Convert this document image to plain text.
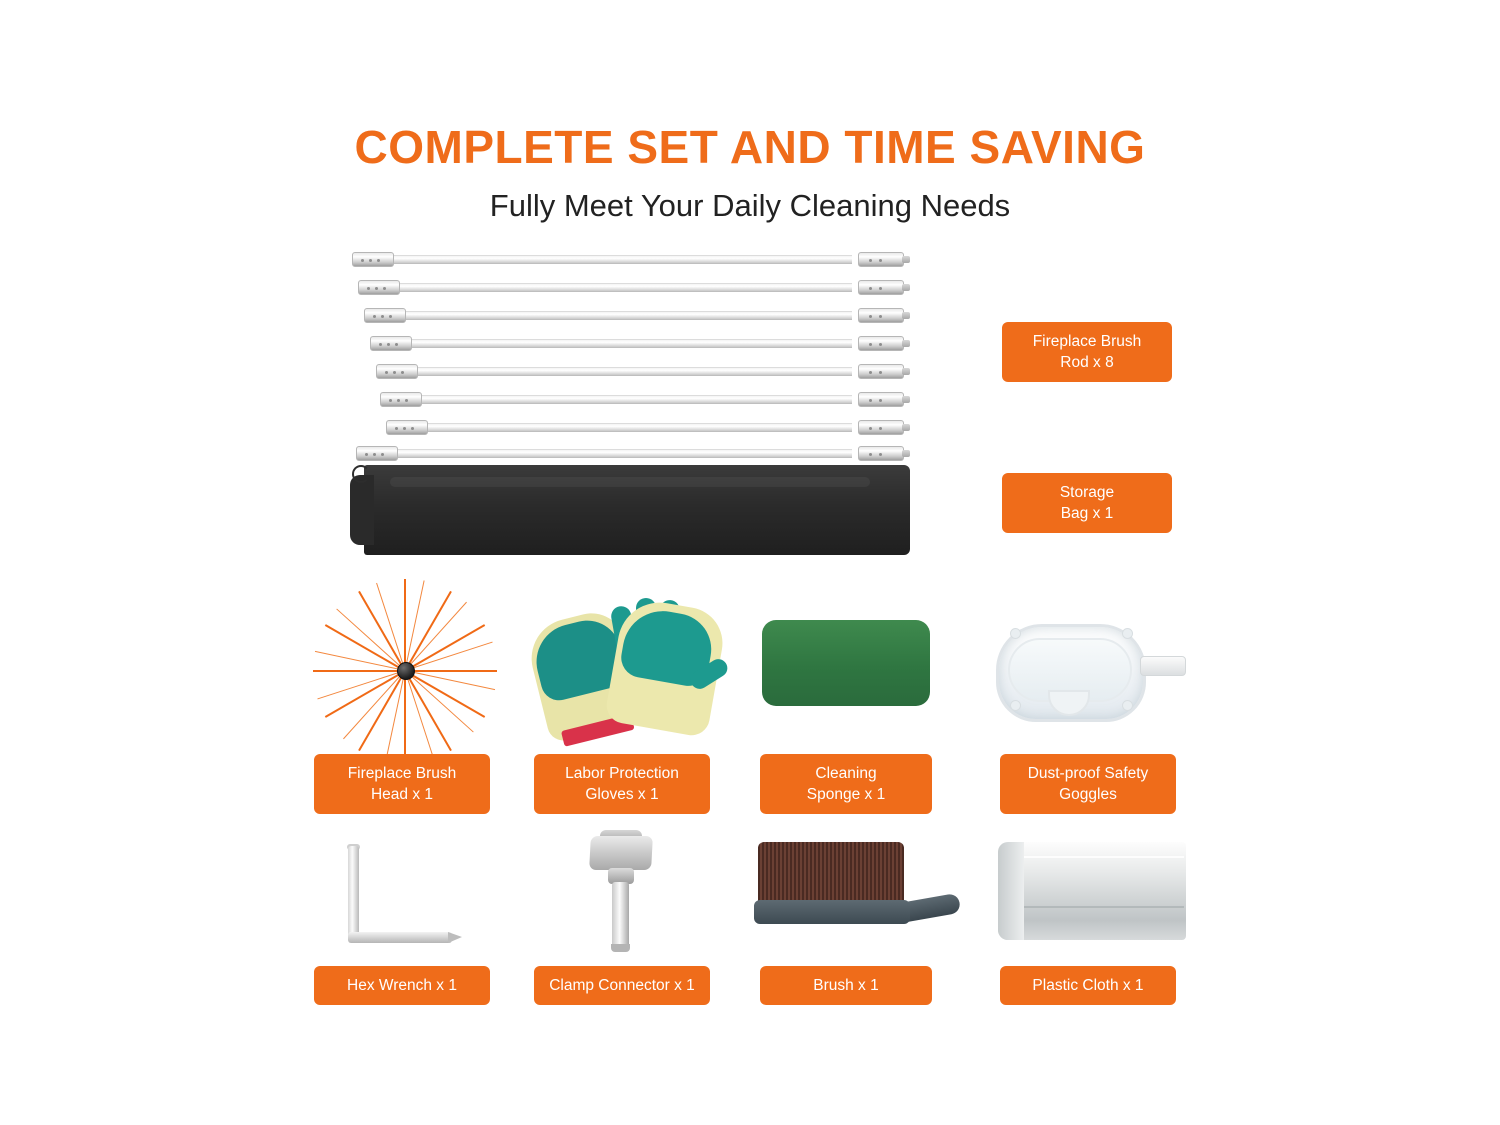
COMPLETE SET AND TIME SAVING
Fully Meet Your Daily Cleaning Needs
Fireplace Brush
Rod x 8
Storage
Bag x 1
Fireplace Brush
Head x 1
Labor Protection
Gloves x 1
Cleaning
Sponge x 1
Dust-proof Safety
Goggles
Hex Wrench x 1	Clamp Connector x 1	Brush x 1	Plastic Cloth x 1
